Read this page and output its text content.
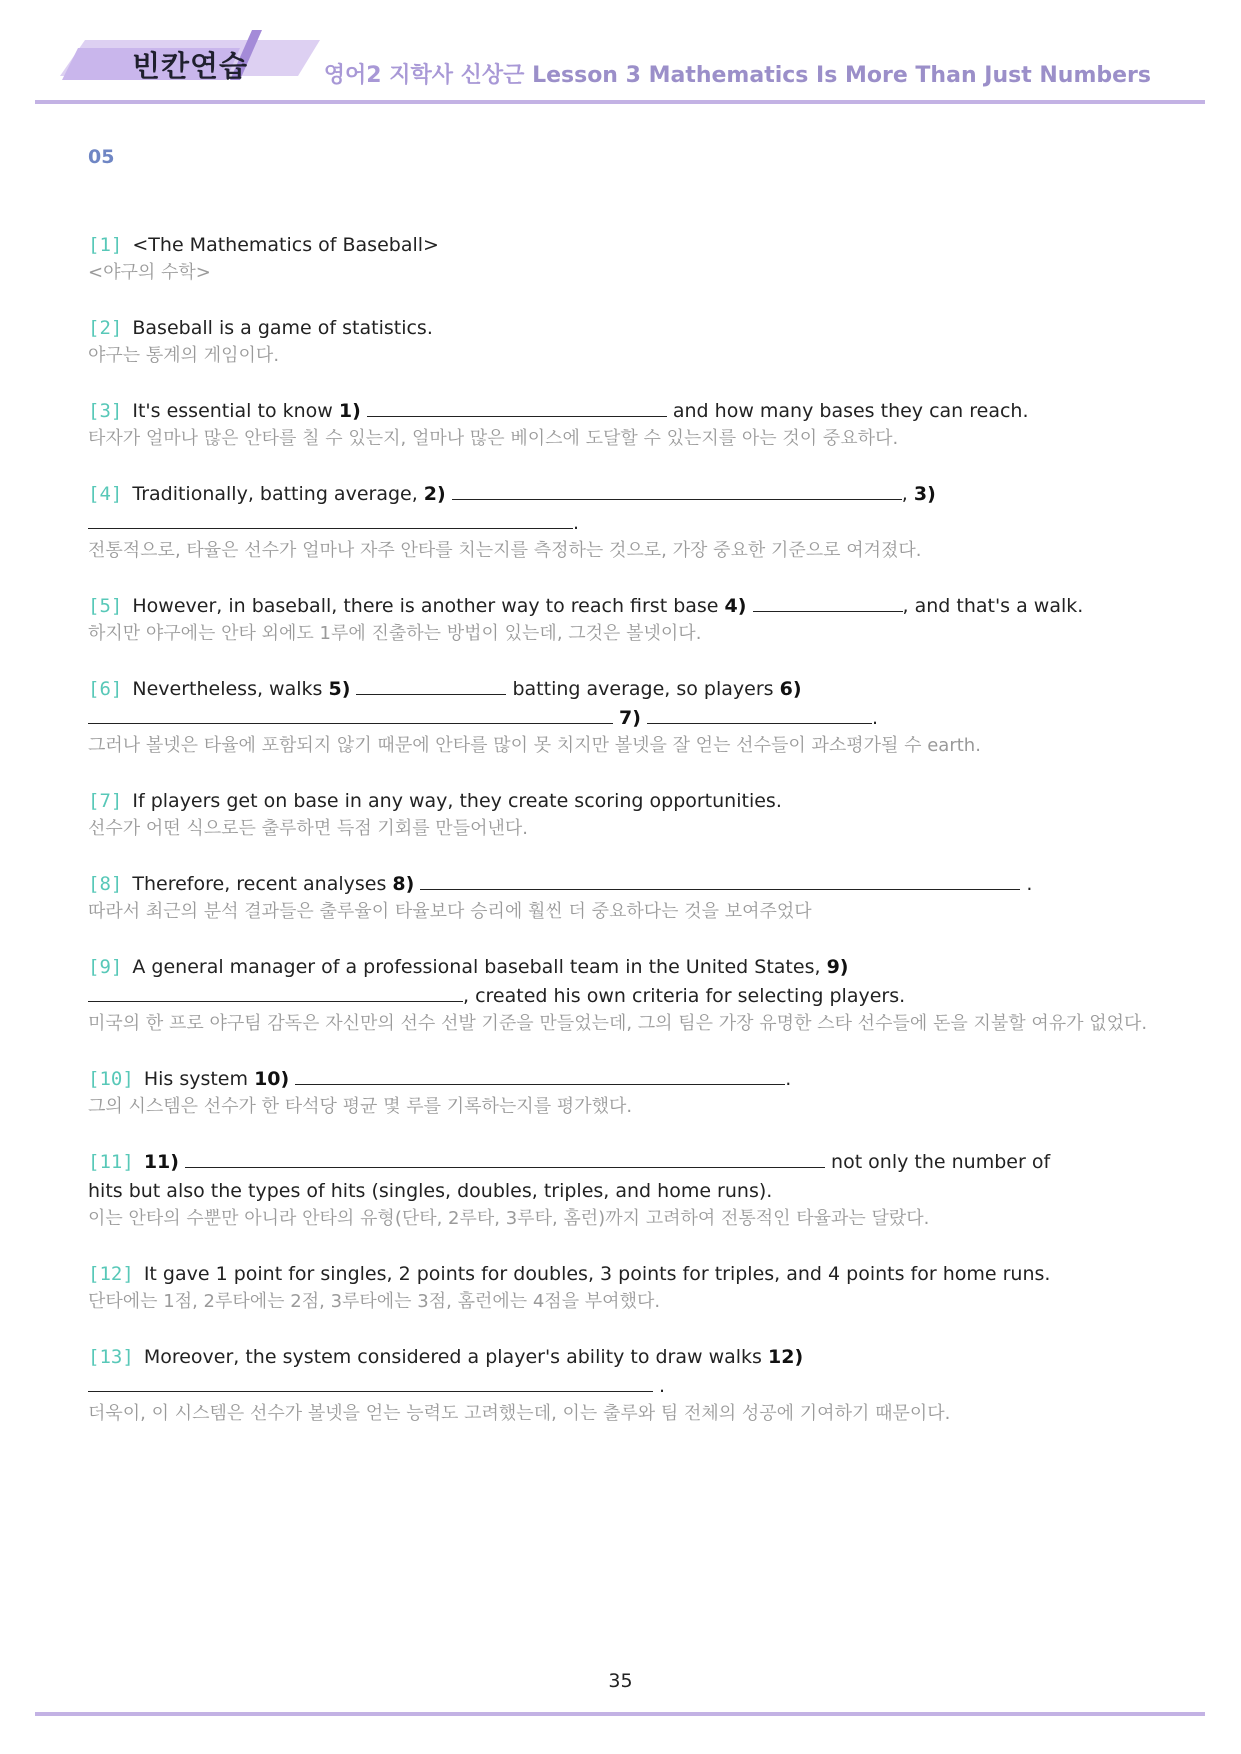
빈칸연습	영어2 지학사 신상근 Lesson 3 Mathematics Is More Than Just Numbers
05
[1] <The Mathematics of Baseball>
<야구의 수학>
[2] Baseball is a game of statistics.
야구는 통계의 게임이다.
[3] It's essential to know 1)	and how many bases they can reach.
타자가 얼마나 많은 안타를 칠 수 있는지, 얼마나 많은 베이스에 도달할 수 있는지를 아는 것이 중요하다.
[4] Traditionally, batting average, 2)	, 3)
.
전통적으로, 타율은 선수가 얼마나 자주 안타를 치는지를 측정하는 것으로, 가장 중요한 기준으로 여겨졌다.
[5] However, in baseball, there is another way to reach first base 4)	, and that's a walk.
하지만 야구에는 안타 외에도 1루에 진출하는 방법이 있는데, 그것은 볼넷이다.
[6] Nevertheless, walks 5)	batting average, so players 6)
7)	.
그러나 볼넷은 타율에 포함되지 않기 때문에 안타를 많이 못 치지만 볼넷을 잘 얻는 선수들이 과소평가될 수 earth.
[7] If players get on base in any way, they create scoring opportunities.
선수가 어떤 식으로든 출루하면 득점 기회를 만들어낸다.
[8] Therefore, recent analyses 8)	.
따라서 최근의 분석 결과들은 출루율이 타율보다 승리에 훨씬 더 중요하다는 것을 보여주었다
[9] A general manager of a professional baseball team in the United States, 9)
, created his own criteria for selecting players.
미국의 한 프로 야구팀 감독은 자신만의 선수 선발 기준을 만들었는데, 그의 팀은 가장 유명한 스타 선수들에 돈을 지불할 여유가 없었다.
[10] His system 10)	.
그의 시스템은 선수가 한 타석당 평균 몇 루를 기록하는지를 평가했다.
[11] 11)	not only the number of
hits but also the types of hits (singles, doubles, triples, and home runs).
이는 안타의 수뿐만 아니라 안타의 유형(단타, 2루타, 3루타, 홈런)까지 고려하여 전통적인 타율과는 달랐다.
[12] It gave 1 point for singles, 2 points for doubles, 3 points for triples, and 4 points for home runs.
단타에는 1점, 2루타에는 2점, 3루타에는 3점, 홈런에는 4점을 부여했다.
[13] Moreover, the system considered a player's ability to draw walks 12)
.
더욱이, 이 시스템은 선수가 볼넷을 얻는 능력도 고려했는데, 이는 출루와 팀 전체의 성공에 기여하기 때문이다.
35
